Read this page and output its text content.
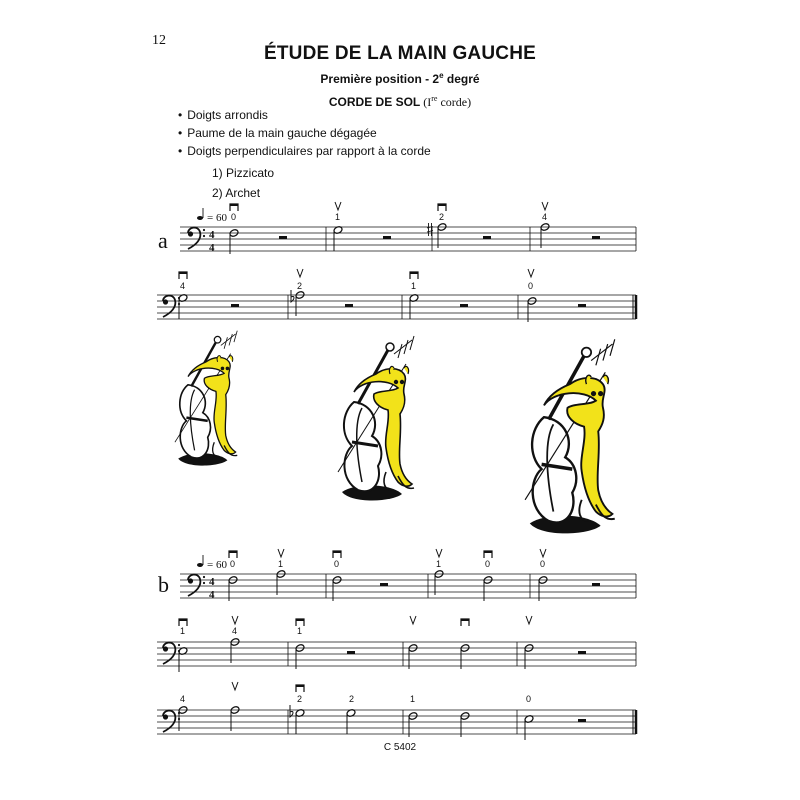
12
ÉTUDE DE LA MAIN GAUCHE
Première position - 2e degré
CORDE DE SOL (Ire corde)
• Doigts arrondis
• Paume de la main gauche dégagée
• Doigts perpendiculaires par rapport à la corde
1) Pizzicato
2) Archet
a
b
4
4
= 60 0	1	2	4
4	2	1	0
4
4
= 60 0	1	0	1	0	0
1	4	1
4	2	2	1	0
C 5402
